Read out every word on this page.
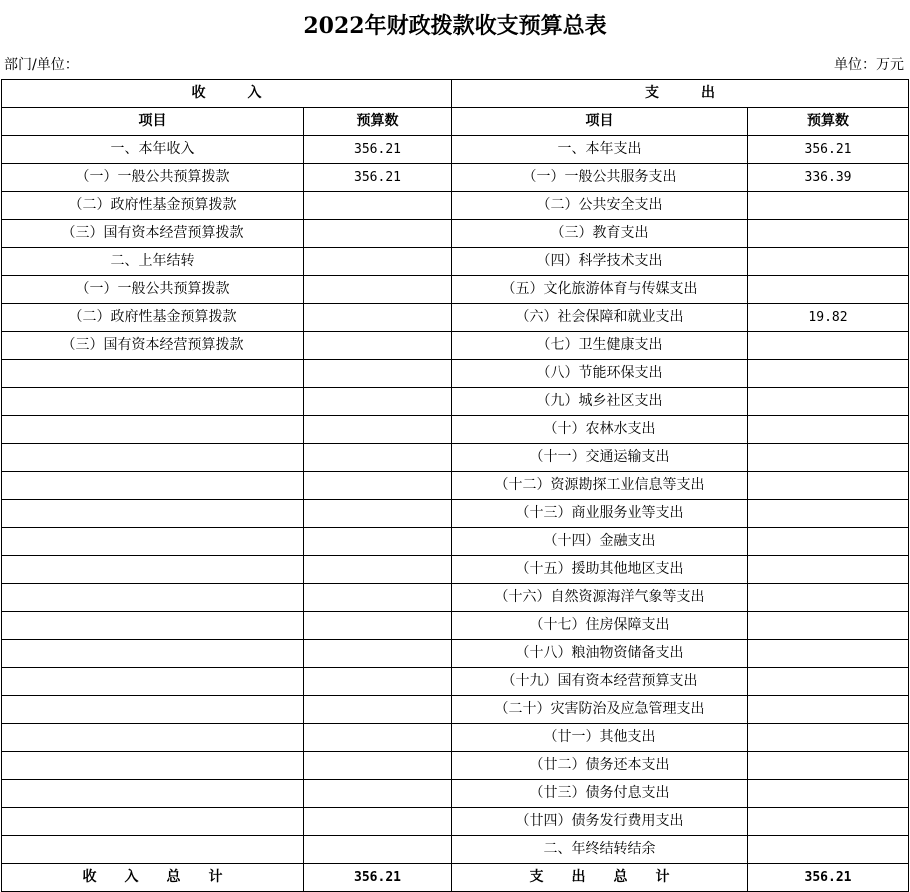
2022年财政拨款收支预算总表
部门/单位：	单位：万元
收　　　入		支　　　出	
项目	预算数	项目	预算数
一、本年收入	356.21	一、本年支出	356.21
（一）一般公共预算拨款	356.21	（一）一般公共服务支出	336.39
（二）政府性基金预算拨款		（二）公共安全支出	
（三）国有资本经营预算拨款		（三）教育支出	
二、上年结转		（四）科学技术支出	
（一）一般公共预算拨款		（五）文化旅游体育与传媒支出	
（二）政府性基金预算拨款		（六）社会保障和就业支出	19.82
（三）国有资本经营预算拨款		（七）卫生健康支出	
		（八）节能环保支出	
		（九）城乡社区支出	
		（十）农林水支出	
		（十一）交通运输支出	
		（十二）资源勘探工业信息等支出	
		（十三）商业服务业等支出	
		（十四）金融支出	
		（十五）援助其他地区支出	
		（十六）自然资源海洋气象等支出	
		（十七）住房保障支出	
		（十八）粮油物资储备支出	
		（十九）国有资本经营预算支出	
		（二十）灾害防治及应急管理支出	
		（廿一）其他支出	
		（廿二）债务还本支出	
		（廿三）债务付息支出	
		（廿四）债务发行费用支出	
		二、年终结转结余	
收　　入　　总　　计	356.21	支　　出　　总　　计	356.21
